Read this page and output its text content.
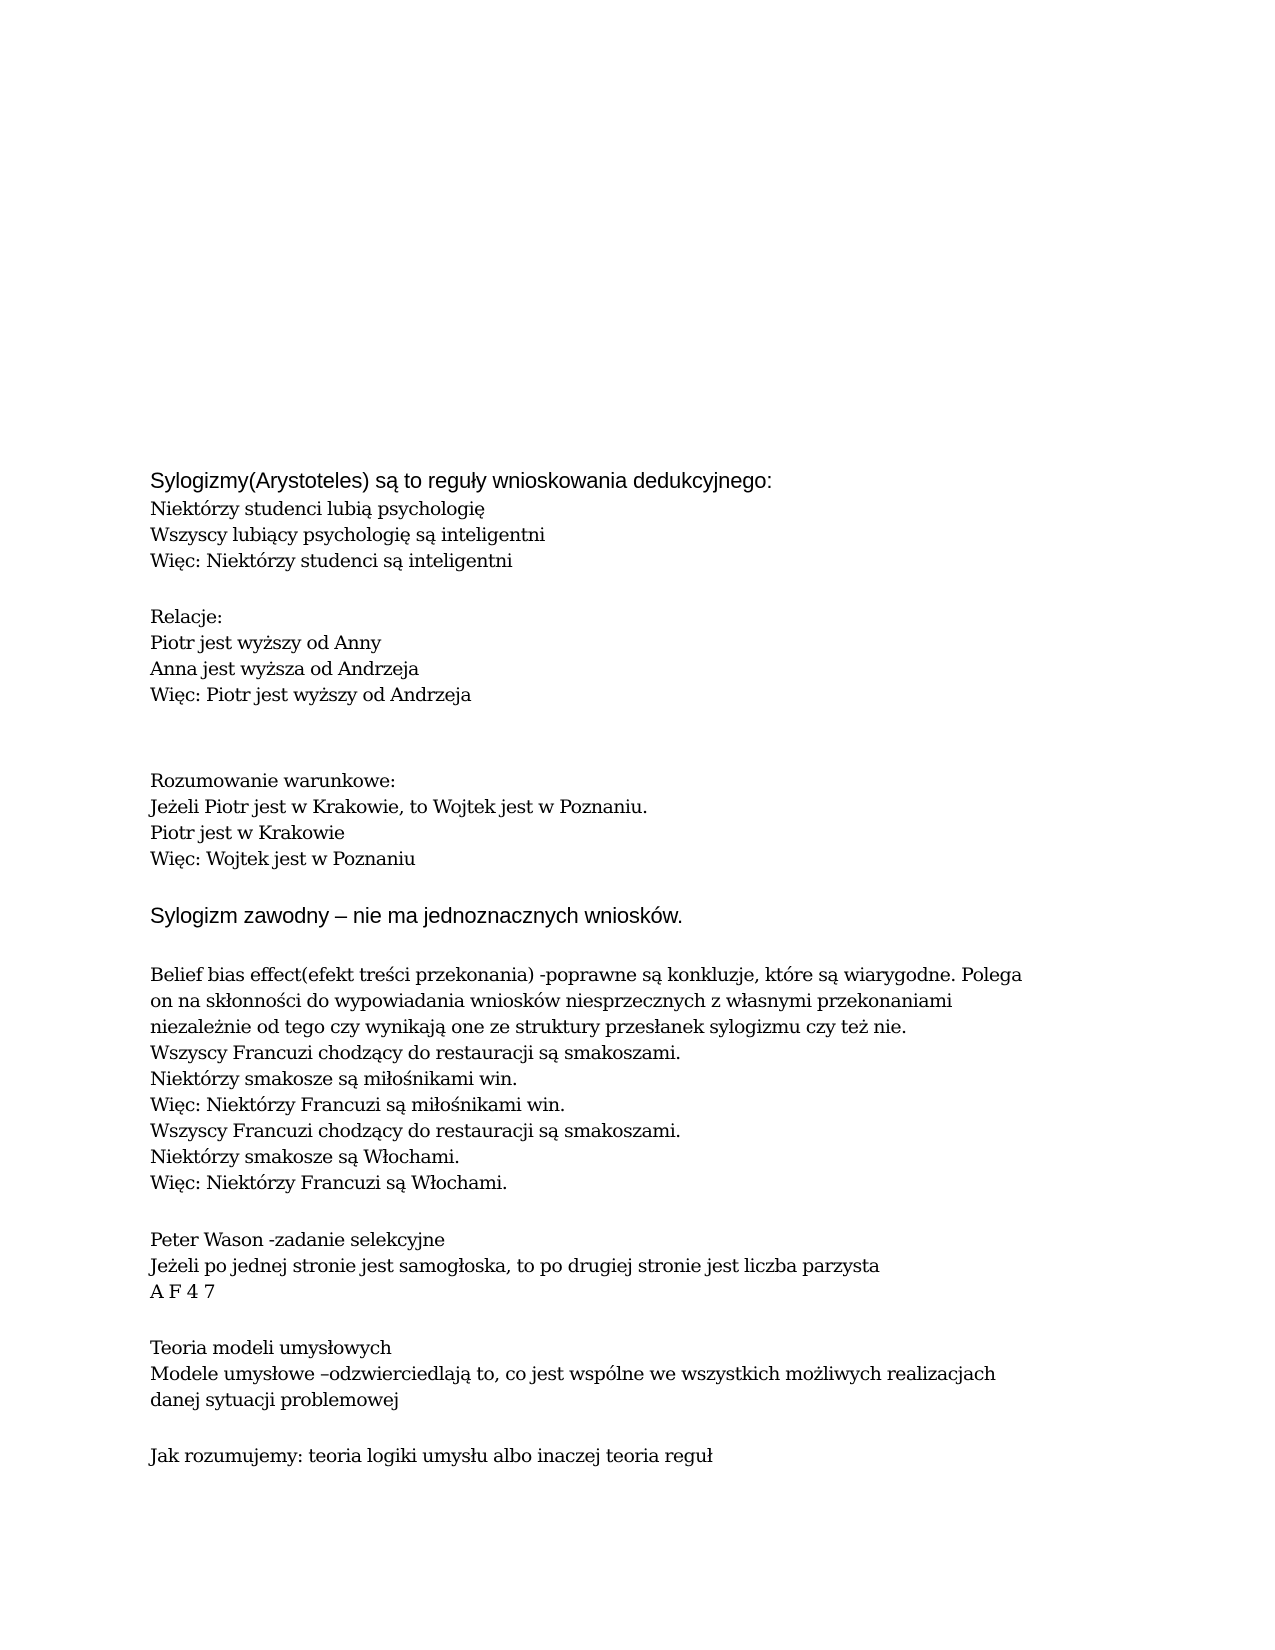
Sylogizmy(Arystoteles) są to reguły wnioskowania dedukcyjnego:
Niektórzy studenci lubią psychologię
Wszyscy lubiący psychologię są inteligentni
Więc: Niektórzy studenci są inteligentni
Relacje:
Piotr jest wyższy od Anny
Anna jest wyższa od Andrzeja
Więc: Piotr jest wyższy od Andrzeja
Rozumowanie warunkowe:
Jeżeli Piotr jest w Krakowie, to Wojtek jest w Poznaniu.
Piotr jest w Krakowie
Więc: Wojtek jest w Poznaniu
Sylogizm zawodny – nie ma jednoznacznych wniosków.
Belief bias effect(efekt treści przekonania) -poprawne są konkluzje, które są wiarygodne. Polega
on na skłonności do wypowiadania wniosków niesprzecznych z własnymi przekonaniami
niezależnie od tego czy wynikają one ze struktury przesłanek sylogizmu czy też nie.
Wszyscy Francuzi chodzący do restauracji są smakoszami.
Niektórzy smakosze są miłośnikami win.
Więc: Niektórzy Francuzi są miłośnikami win.
Wszyscy Francuzi chodzący do restauracji są smakoszami.
Niektórzy smakosze są Włochami.
Więc: Niektórzy Francuzi są Włochami.
Peter Wason -zadanie selekcyjne
Jeżeli po jednej stronie jest samogłoska, to po drugiej stronie jest liczba parzysta
A F 4 7
Teoria modeli umysłowych
Modele umysłowe –odzwierciedlają to, co jest wspólne we wszystkich możliwych realizacjach
danej sytuacji problemowej
Jak rozumujemy: teoria logiki umysłu albo inaczej teoria reguł
